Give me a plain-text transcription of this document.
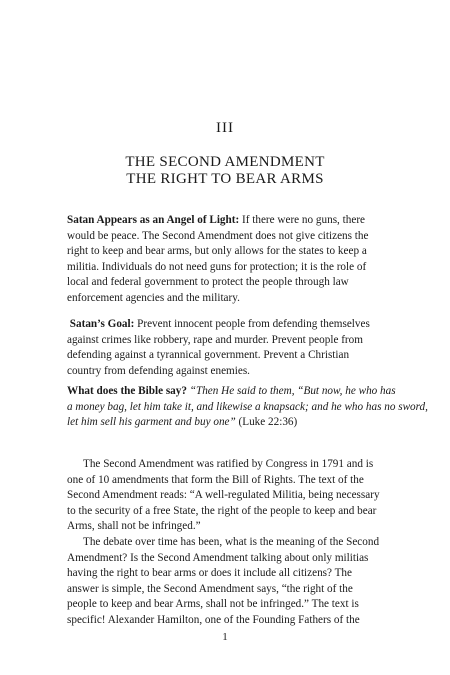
III
THE SECOND AMENDMENT
THE RIGHT TO BEAR ARMS
Satan Appears as an Angel of Light: If there were no guns, there
would be peace. The Second Amendment does not give citizens the
right to keep and bear arms, but only allows for the states to keep a
militia. Individuals do not need guns for protection; it is the role of
local and federal government to protect the people through law
enforcement agencies and the military.
Satan’s Goal: Prevent innocent people from defending themselves
against crimes like robbery, rape and murder. Prevent people from
defending against a tyrannical government. Prevent a Christian
country from defending against enemies.
What does the Bible say? “Then He said to them, “But now, he who has
a money bag, let him take it, and likewise a knapsack; and he who has no sword,
let him sell his garment and buy one” (Luke 22:36)
The Second Amendment was ratified by Congress in 1791 and is
one of 10 amendments that form the Bill of Rights. The text of the
Second Amendment reads: “A well-regulated Militia, being necessary
to the security of a free State, the right of the people to keep and bear
Arms, shall not be infringed.”
The debate over time has been, what is the meaning of the Second
Amendment? Is the Second Amendment talking about only militias
having the right to bear arms or does it include all citizens? The
answer is simple, the Second Amendment says, “the right of the
people to keep and bear Arms, shall not be infringed.” The text is
specific! Alexander Hamilton, one of the Founding Fathers of the
1
